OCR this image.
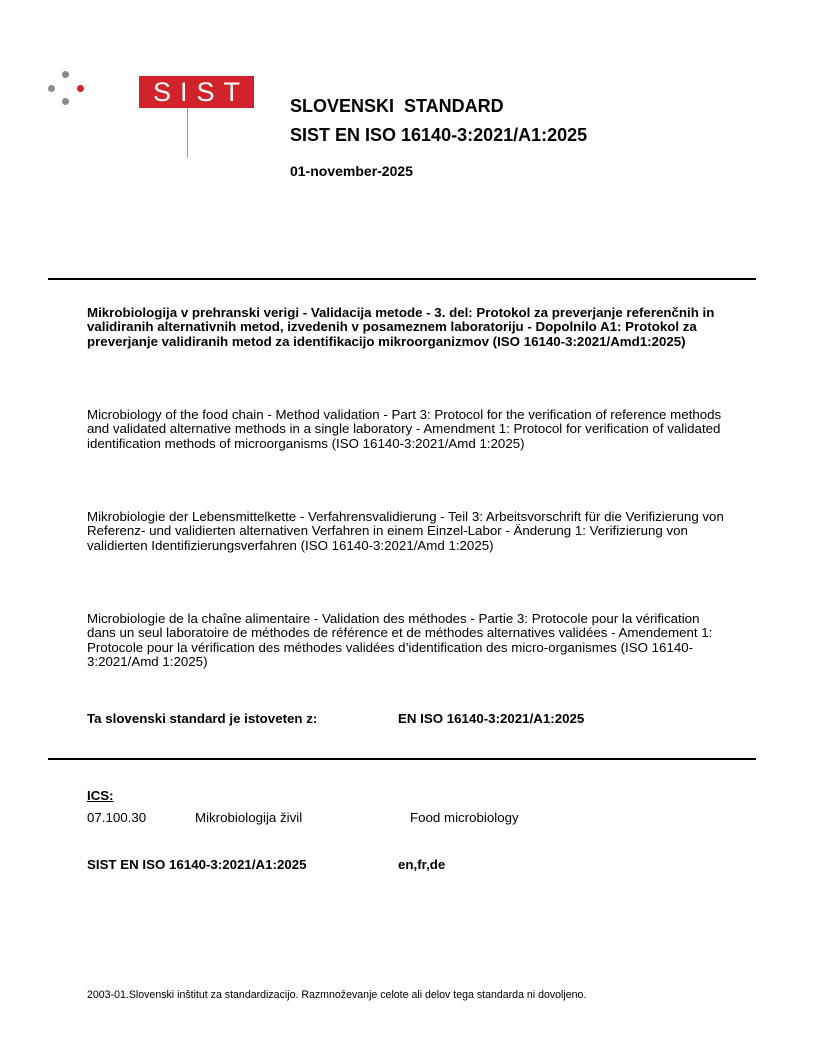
SIST SLOVENSKI  STANDARD
SIST EN ISO 16140-3:2021/A1:2025
01-november-2025
Mikrobiologija v prehranski verigi - Validacija metode - 3. del: Protokol za preverjanje referenčnih in validiranih alternativnih metod, izvedenih v posameznem laboratoriju - Dopolnilo A1: Protokol za preverjanje validiranih metod za identifikacijo mikroorganizmov (ISO 16140-3:2021/Amd1:2025)
Microbiology of the food chain - Method validation - Part 3: Protocol for the verification of reference methods and validated alternative methods in a single laboratory - Amendment 1: Protocol for verification of validated identification methods of microorganisms (ISO 16140-3:2021/Amd 1:2025)
Mikrobiologie der Lebensmittelkette - Verfahrensvalidierung - Teil 3: Arbeitsvorschrift für die Verifizierung von Referenz- und validierten alternativen Verfahren in einem Einzel-Labor - Änderung 1: Verifizierung von validierten Identifizierungsverfahren (ISO 16140-3:2021/Amd 1:2025)
Microbiologie de la chaîne alimentaire - Validation des méthodes - Partie 3: Protocole pour la vérification dans un seul laboratoire de méthodes de référence et de méthodes alternatives validées - Amendement 1: Protocole pour la vérification des méthodes validées d’identification des micro-organismes (ISO 16140-3:2021/Amd 1:2025)
Ta slovenski standard je istoveten z:	EN ISO 16140-3:2021/A1:2025
ICS:
07.100.30	Mikrobiologija živil	Food microbiology
SIST EN ISO 16140-3:2021/A1:2025	en,fr,de
2003-01.Slovenski inštitut za standardizacijo. Razmnoževanje celote ali delov tega standarda ni dovoljeno.
